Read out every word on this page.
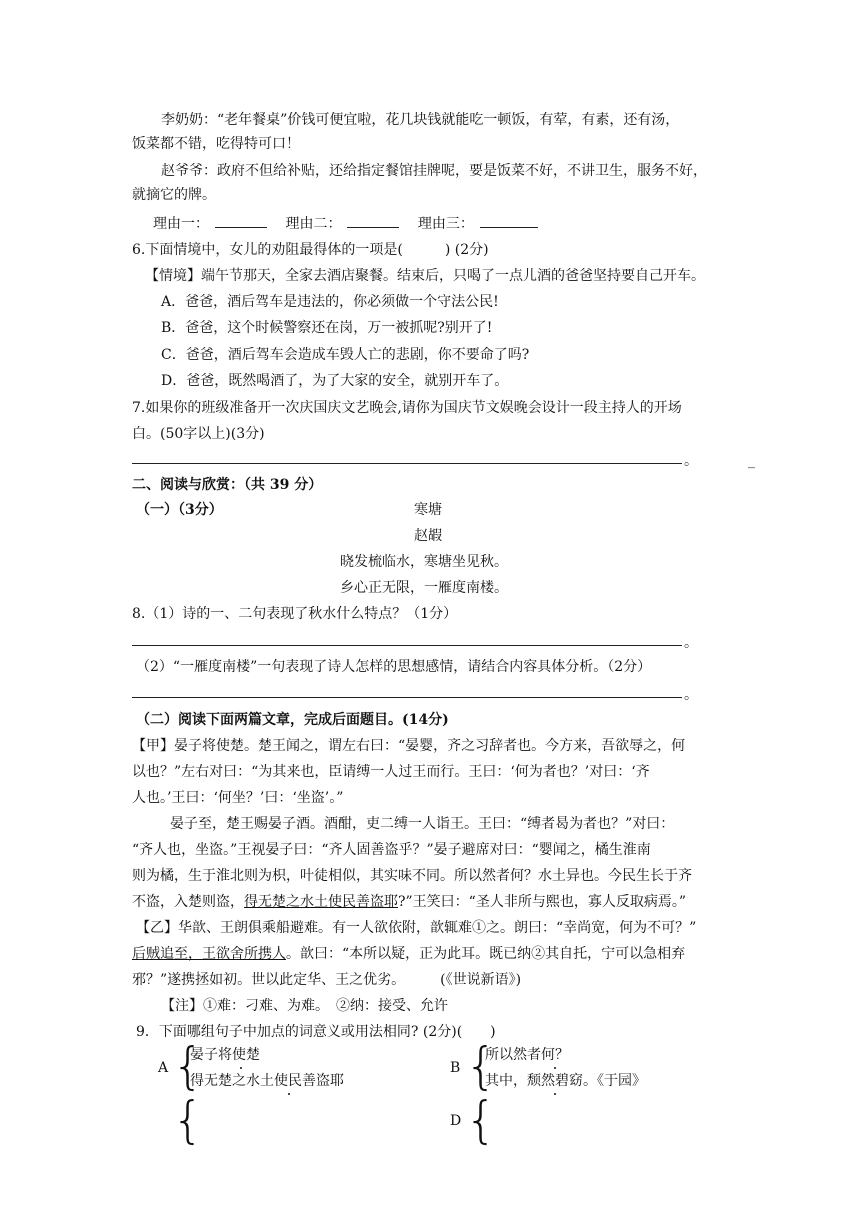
李奶奶：“老年餐桌”价钱可便宜啦，花几块钱就能吃一顿饭，有荤，有素，还有汤，
饭菜都不错，吃得特可口！
赵爷爷：政府不但给补贴，还给指定餐馆挂牌呢，要是饭菜不好，不讲卫生，服务不好，
就摘它的牌。
理由一：	理由二：	理由三：
6.下面情境中，女儿的劝阻最得体的一项是(　　　) (2分)
【情境】端午节那天，全家去酒店聚餐。结束后，只喝了一点儿酒的爸爸坚持要自己开车。
A．爸爸，酒后驾车是违法的，你必须做一个守法公民!
B．爸爸，这个时候警察还在岗，万一被抓呢?别开了!
C．爸爸，酒后驾车会造成车毁人亡的悲剧，你不要命了吗?
D．爸爸，既然喝酒了，为了大家的安全，就别开车了。
7.如果你的班级准备开一次庆国庆文艺晚会,请你为国庆节文娱晚会设计一段主持人的开场
白。(50字以上)(3分)
。	_
二、阅读与欣赏：（共 39 分）
（一）（3分）	寒塘
赵嘏
晓发梳临水，寒塘坐见秋。
乡心正无限，一雁度南楼。
8.（1）诗的一、二句表现了秋水什么特点？（1分）
。
（2）“一雁度南楼”一句表现了诗人怎样的思想感情，请结合内容具体分析。（2分）
。
（二）阅读下面两篇文章，完成后面题目。(14分)
【甲】晏子将使楚。楚王闻之，谓左右曰：“晏婴，齐之习辞者也。今方来，吾欲辱之，何
以也？”左右对曰：“为其来也，臣请缚一人过王而行。王曰：‘何为者也？’对曰：‘齐
人也。’王曰：‘何坐？’曰：‘坐盗’。”
晏子至，楚王赐晏子酒。酒酣，吏二缚一人诣王。王曰：“缚者曷为者也？”对曰：
“齐人也，坐盗。”王视晏子曰：“齐人固善盗乎？”晏子避席对曰：“婴闻之，橘生淮南
则为橘，生于淮北则为枳，叶徒相似，其实味不同。所以然者何？水土异也。今民生长于齐
不盗，入楚则盗，得无楚之水土使民善盗耶?”王笑曰：“圣人非所与熙也，寡人反取病焉。”
【乙】华歆、王朗俱乘船避难。有一人欲依附，歆辄难①之。朗曰：“幸尚宽，何为不可？”
后贼追至，王欲舍所携人。歆曰：“本所以疑，正为此耳。既已纳②其自托，宁可以急相弃
邪？”遂携拯如初。世以此定华、王之优劣。　　　(《世说新语》)
【注】①难：刁难、为难。　②纳：接受、允许
9．下面哪组句子中加点的词意义或用法相同? (2分)(　　)
A {
晏子将使楚
得无楚之水土使民善盗耶
B {
所以然者何？
其中，颓然碧窈。《于园》
{	D {
